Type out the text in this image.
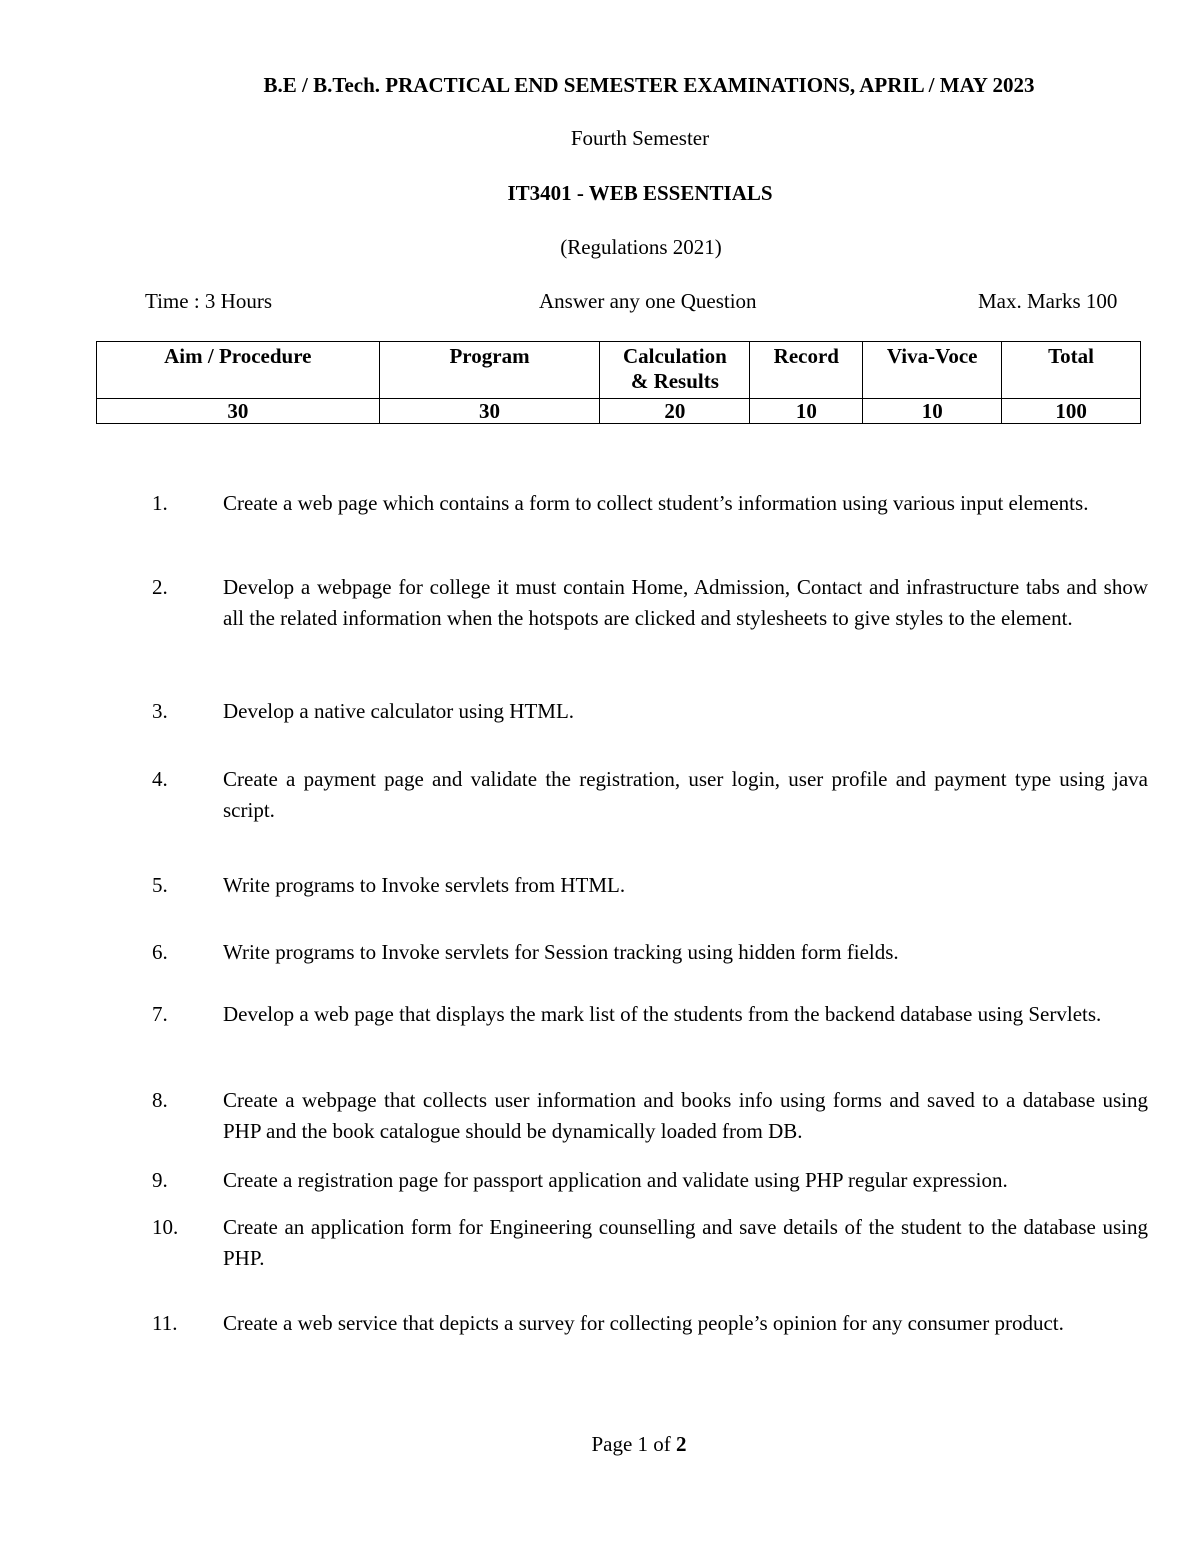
B.E / B.Tech. PRACTICAL END SEMESTER EXAMINATIONS, APRIL / MAY 2023
Fourth Semester
IT3401 - WEB ESSENTIALS
(Regulations 2021)
Time : 3 Hours	Answer any one Question	Max. Marks 100
Aim / Procedure	Program	Calculation & Results	Record	Viva-Voce	Total
30	30	20	10	10	100
1.	Create a web page which contains a form to collect student’s information using various input elements.
2.	Develop a webpage for college it must contain Home, Admission, Contact and infrastructure tabs and show all the related information when the hotspots are clicked and stylesheets to give styles to the element.
3.	Develop a native calculator using HTML.
4.	Create a payment page and validate the registration, user login, user profile and payment type using java script.
5.	Write programs to Invoke servlets from HTML.
6.	Write programs to Invoke servlets for Session tracking using hidden form fields.
7.	Develop a web page that displays the mark list of the students from the backend database using Servlets.
8.	Create a webpage that collects user information and books info using forms and saved to a database using PHP and the book catalogue should be dynamically loaded from DB.
9.	Create a registration page for passport application and validate using PHP regular expression.
10.	Create an application form for Engineering counselling and save details of the student to the database using PHP.
11.	Create a web service that depicts a survey for collecting people’s opinion for any consumer product.
Page 1 of 2
